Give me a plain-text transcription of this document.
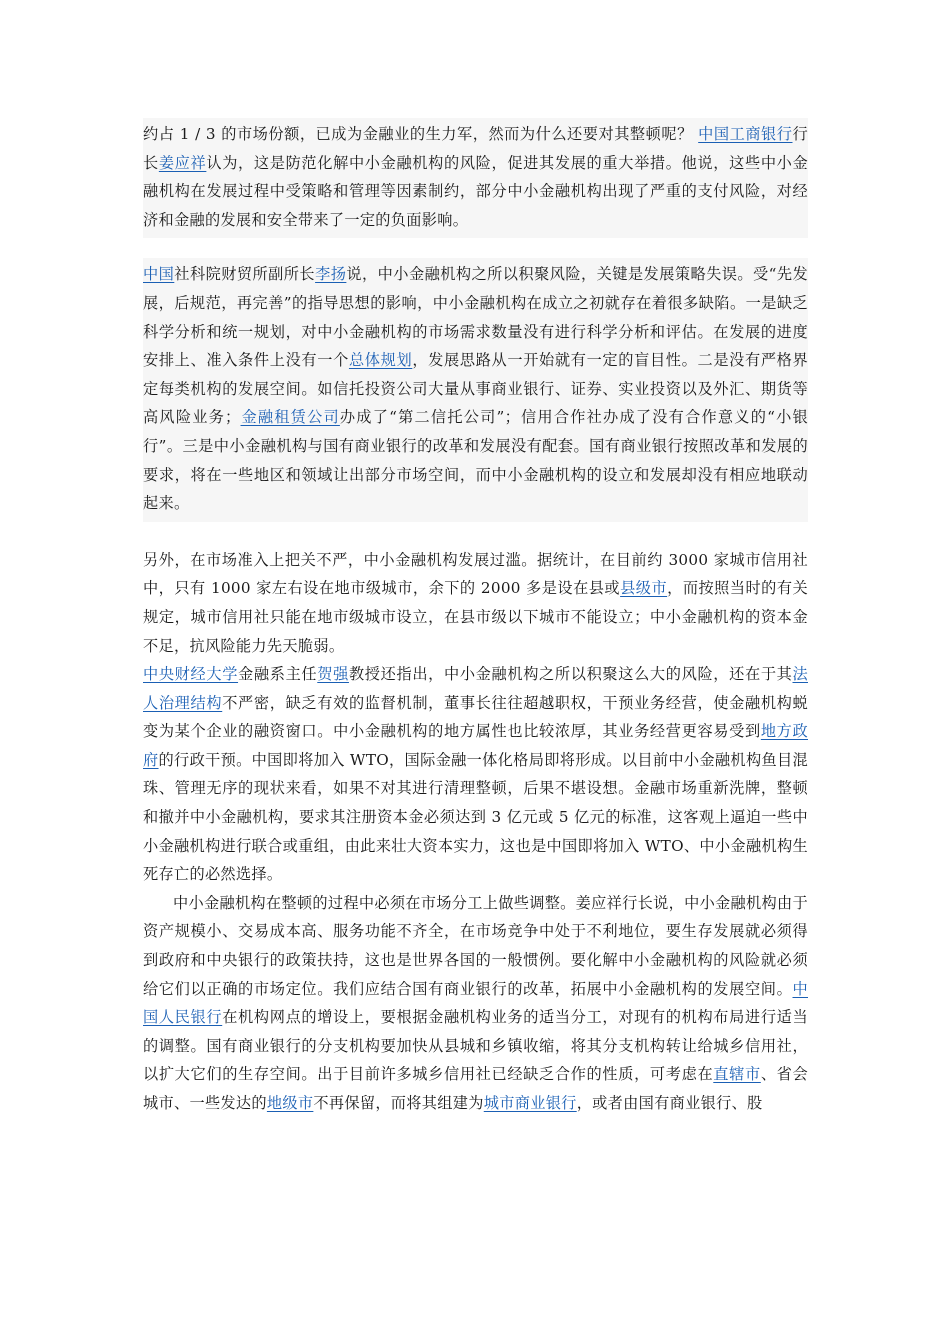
约占 1 / 3 的市场份额，已成为金融业的生力军，然而为什么还要对其整顿呢？ 中国工商银行行长姜应祥认为，这是防范化解中小金融机构的风险，促进其发展的重大举措。他说，这些中小金融机构在发展过程中受策略和管理等因素制约，部分中小金融机构出现了严重的支付风险，对经济和金融的发展和安全带来了一定的负面影响。
中国社科院财贸所副所长李扬说，中小金融机构之所以积聚风险，关键是发展策略失误。受“先发展，后规范，再完善”的指导思想的影响，中小金融机构在成立之初就存在着很多缺陷。一是缺乏科学分析和统一规划，对中小金融机构的市场需求数量没有进行科学分析和评估。在发展的进度安排上、准入条件上没有一个总体规划，发展思路从一开始就有一定的盲目性。二是没有严格界定每类机构的发展空间。如信托投资公司大量从事商业银行、证券、实业投资以及外汇、期货等高风险业务；金融租赁公司办成了“第二信托公司”；信用合作社办成了没有合作意义的“小银行”。三是中小金融机构与国有商业银行的改革和发展没有配套。国有商业银行按照改革和发展的要求，将在一些地区和领域让出部分市场空间，而中小金融机构的设立和发展却没有相应地联动起来。
另外，在市场准入上把关不严，中小金融机构发展过滥。据统计，在目前约 3000 家城市信用社中，只有 1000 家左右设在地市级城市，余下的 2000 多是设在县或县级市，而按照当时的有关规定，城市信用社只能在地市级城市设立，在县市级以下城市不能设立；中小金融机构的资本金不足，抗风险能力先天脆弱。
中央财经大学金融系主任贺强教授还指出，中小金融机构之所以积聚这么大的风险，还在于其法人治理结构不严密，缺乏有效的监督机制，董事长往往超越职权，干预业务经营，使金融机构蜕变为某个企业的融资窗口。中小金融机构的地方属性也比较浓厚，其业务经营更容易受到地方政府的行政干预。中国即将加入 WTO，国际金融一体化格局即将形成。以目前中小金融机构鱼目混珠、管理无序的现状来看，如果不对其进行清理整顿，后果不堪设想。金融市场重新洗牌，整顿和撤并中小金融机构，要求其注册资本金必须达到 3 亿元或 5 亿元的标准，这客观上逼迫一些中小金融机构进行联合或重组，由此来壮大资本实力，这也是中国即将加入 WTO、中小金融机构生死存亡的必然选择。
中小金融机构在整顿的过程中必须在市场分工上做些调整。姜应祥行长说，中小金融机构由于资产规模小、交易成本高、服务功能不齐全，在市场竞争中处于不利地位，要生存发展就必须得到政府和中央银行的政策扶持，这也是世界各国的一般惯例。要化解中小金融机构的风险就必须给它们以正确的市场定位。我们应结合国有商业银行的改革，拓展中小金融机构的发展空间。中国人民银行在机构网点的增设上，要根据金融机构业务的适当分工，对现有的机构布局进行适当的调整。国有商业银行的分支机构要加快从县城和乡镇收缩，将其分支机构转让给城乡信用社，以扩大它们的生存空间。出于目前许多城乡信用社已经缺乏合作的性质，可考虑在直辖市、省会城市、一些发达的地级市不再保留，而将其组建为城市商业银行，或者由国有商业银行、股
